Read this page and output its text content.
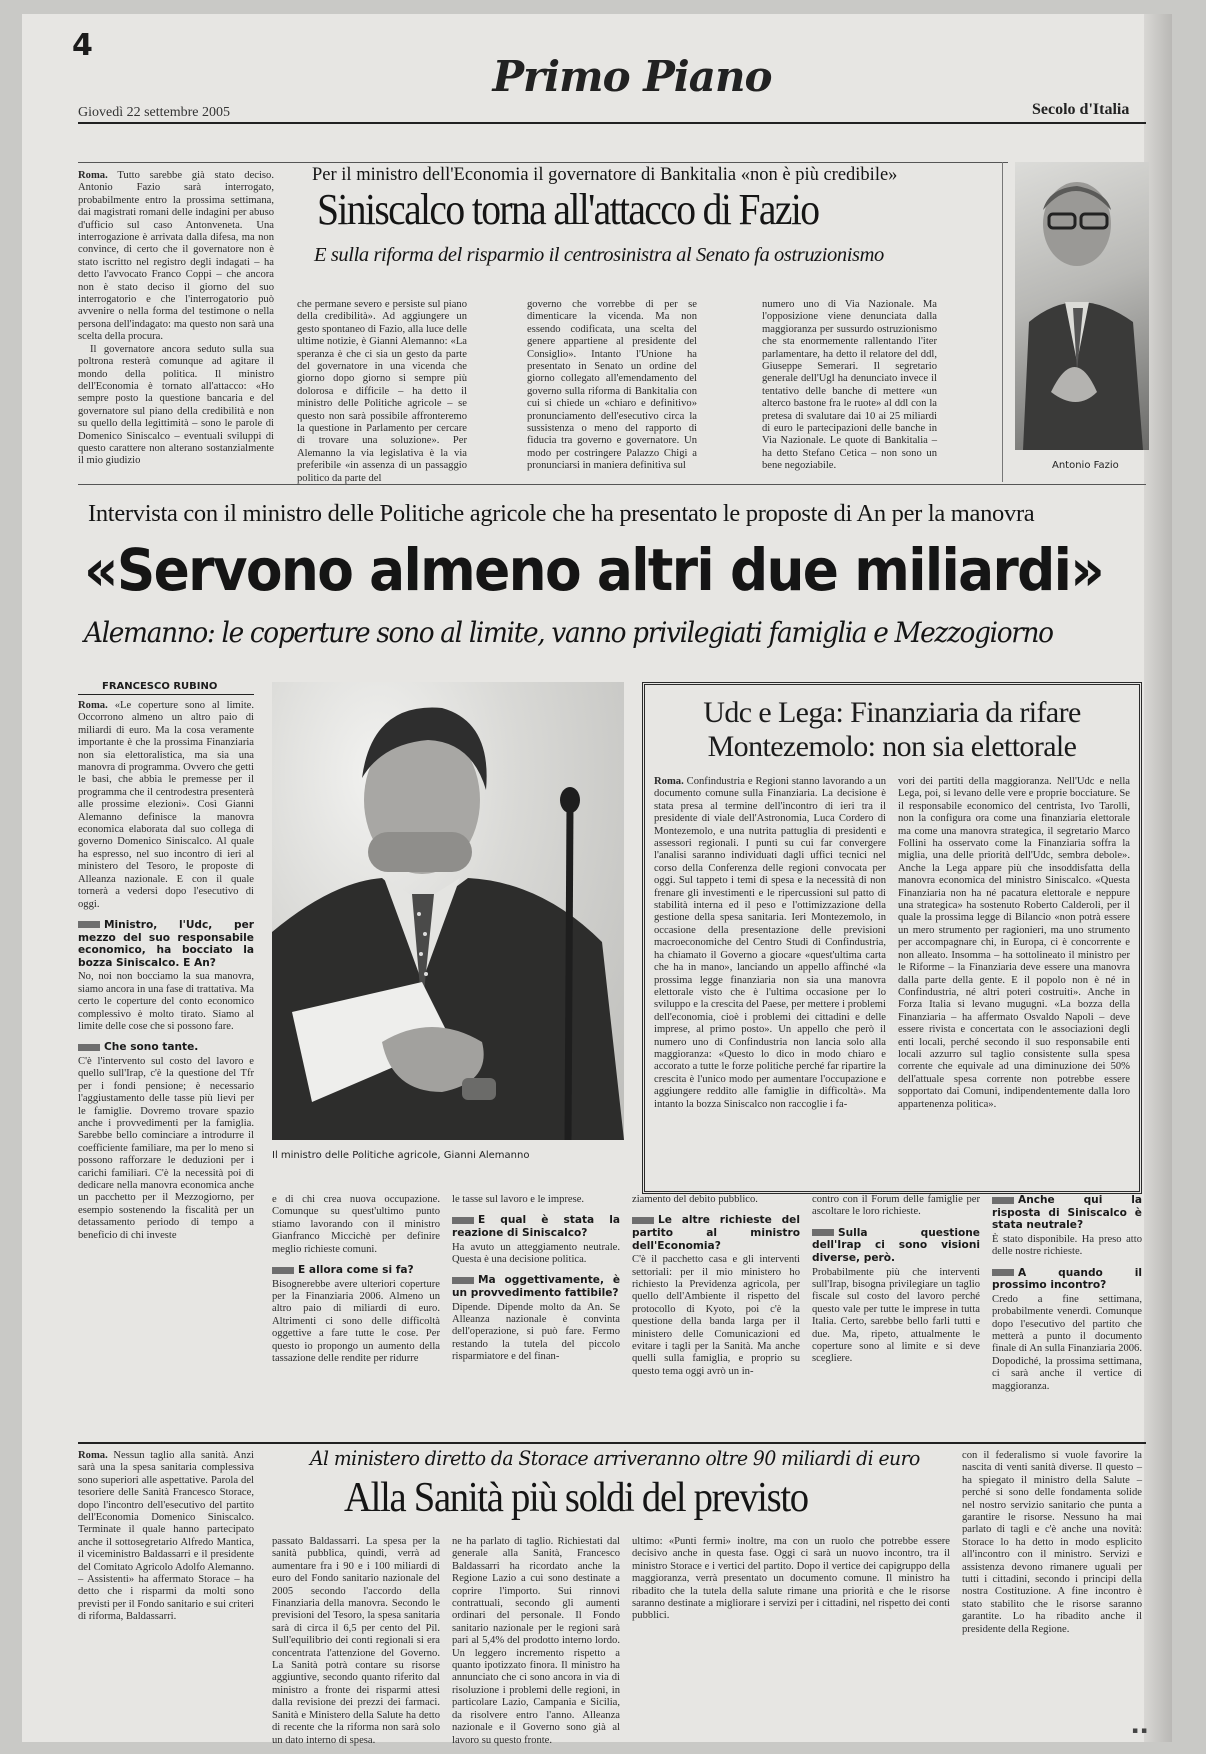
4
Primo Piano
Giovedì 22 settembre 2005	Secolo d'Italia

Roma. Tutto sarebbe già stato deciso. Antonio Fazio sarà interrogato, probabilmente entro la prossima settimana, dai magistrati romani delle indagini per abuso d'ufficio sul caso Antonveneta. Una interrogazione è arrivata dalla difesa, ma non convince, di certo che il governatore non è stato iscritto nel registro degli indagati – ha detto l'avvocato Franco Coppi – che ancora non è stato deciso il giorno del suo interrogatorio e che l'interrogatorio può avvenire o nella forma del testimone o nella persona dell'indagato: ma questo non sarà una scelta della procura.

Il governatore ancora seduto sulla sua poltrona resterà comunque ad agitare il mondo della politica. Il ministro dell'Economia è tornato all'attacco: «Ho sempre posto la questione bancaria e del governatore sul piano della credibilità e non su quello della legittimità – sono le parole di Domenico Siniscalco – eventuali sviluppi di questo carattere non alterano sostanzialmente il mio giudizio

Per il ministro dell'Economia il governatore di Bankitalia «non è più credibile»
Siniscalco torna all'attacco di Fazio
E sulla riforma del risparmio il centrosinistra al Senato fa ostruzionismo
che permane severo e persiste sul piano della credibilità». Ad aggiungere un gesto spontaneo di Fazio, alla luce delle ultime notizie, è Gianni Alemanno: «La speranza è che ci sia un gesto da parte del governatore in una vicenda che giorno dopo giorno si sempre più dolorosa e difficile – ha detto il ministro delle Politiche agricole – se questo non sarà possibile affronteremo la questione in Parlamento per cercare di trovare una soluzione». Per Alemanno la via legislativa è la via preferibile «in assenza di un passaggio politico da parte del
governo che vorrebbe di per se dimenticare la vicenda. Ma non essendo codificata, una scelta del genere appartiene al presidente del Consiglio». Intanto l'Unione ha presentato in Senato un ordine del giorno collegato all'emendamento del governo sulla riforma di Bankitalia con cui si chiede un «chiaro e definitivo» pronunciamento dell'esecutivo circa la sussistenza o meno del rapporto di fiducia tra governo e governatore. Un modo per costringere Palazzo Chigi a pronunciarsi in maniera definitiva sul
numero uno di Via Nazionale. Ma l'opposizione viene denunciata dalla maggioranza per sussurdo ostruzionismo che sta enormemente rallentando l'iter parlamentare, ha detto il relatore del ddl, Giuseppe Semerari. Il segretario generale dell'Ugl ha denunciato invece il tentativo delle banche di mettere «un alterco bastone fra le ruote» al ddl con la pretesa di svalutare dai 10 ai 25 miliardi di euro le partecipazioni delle banche in Via Nazionale. Le quote di Bankitalia – ha detto Stefano Cetica – non sono un bene negoziabile.	Antonio Fazio
Intervista con il ministro delle Politiche agricole che ha presentato le proposte di An per la manovra
«Servono almeno altri due miliardi»
Alemanno: le coperture sono al limite, vanno privilegiati famiglia e Mezzogiorno
FRANCESCO RUBINO

Roma. «Le coperture sono al limite. Occorrono almeno un altro paio di miliardi di euro. Ma la cosa veramente importante è che la prossima Finanziaria non sia elettoralistica, ma sia una manovra di programma. Ovvero che getti le basi, che abbia le premesse per il programma che il centrodestra presenterà alle prossime elezioni». Così Gianni Alemanno definisce la manovra economica elaborata dal suo collega di governo Domenico Siniscalco. Al quale ha espresso, nel suo incontro di ieri al ministero del Tesoro, le proposte di Alleanza nazionale. E con il quale tornerà a vedersi dopo l'esecutivo di oggi.

Ministro, l'Udc, per mezzo del suo responsabile economico, ha bocciato la bozza Siniscalco. E An?

No, noi non bocciamo la sua manovra, siamo ancora in una fase di trattativa. Ma certo le coperture del conto economico complessivo è molto tirato. Siamo al limite delle cose che si possono fare.

Che sono tante.

C'è l'intervento sul costo del lavoro e quello sull'Irap, c'è la questione del Tfr per i fondi pensione; è necessario l'aggiustamento delle tasse più lievi per le famiglie. Dovremo trovare spazio anche i provvedimenti per la famiglia. Sarebbe bello cominciare a introdurre il coefficiente familiare, ma per lo meno si possono rafforzare le deduzioni per i carichi familiari. C'è la necessità poi di dedicare nella manovra economica anche un pacchetto per il Mezzogiorno, per esempio sostenendo la fiscalità per un detassamento periodo di tempo a beneficio di chi investe

Il ministro delle Politiche agricole, Gianni Alemanno
Udc e Lega: Finanziaria da rifare
Montezemolo: non sia elettorale

Roma. Confindustria e Regioni stanno lavorando a un documento comune sulla Finanziaria. La decisione è stata presa al termine dell'incontro di ieri tra il presidente di viale dell'Astronomia, Luca Cordero di Montezemolo, e una nutrita pattuglia di presidenti e assessori regionali. I punti su cui far convergere l'analisi saranno individuati dagli uffici tecnici nel corso della Conferenza delle regioni convocata per oggi. Sul tappeto i temi di spesa e la necessità di non frenare gli investimenti e le ripercussioni sul patto di stabilità interna ed il peso e l'ottimizzazione della gestione della spesa sanitaria. Ieri Montezemolo, in occasione della presentazione delle previsioni macroeconomiche del Centro Studi di Confindustria, ha chiamato il Governo a giocare «quest'ultima carta che ha in mano», lanciando un appello affinché «la prossima legge finanziaria non sia una manovra elettorale visto che è l'ultima occasione per lo sviluppo e la crescita del Paese, per mettere i problemi dell'economia, cioè i problemi dei cittadini e delle imprese, al primo posto». Un appello che però il numero uno di Confindustria non lancia solo alla maggioranza: «Questo lo dico in modo chiaro e accorato a tutte le forze politiche perché far ripartire la crescita è l'unico modo per aumentare l'occupazione e aggiungere reddito alle famiglie in difficoltà». Ma intanto la bozza Siniscalco non raccoglie i fa-

vori dei partiti della maggioranza. Nell'Udc e nella Lega, poi, si levano delle vere e proprie bocciature. Se il responsabile economico del centrista, Ivo Tarolli, non la configura ora come una finanziaria elettorale ma come una manovra strategica, il segretario Marco Follini ha osservato come la Finanziaria soffra la miglia, una delle priorità dell'Udc, sembra debole». Anche la Lega appare più che insoddisfatta della manovra economica del ministro Siniscalco. «Questa Finanziaria non ha né pacatura elettorale e neppure una strategica» ha sostenuto Roberto Calderoli, per il quale la prossima legge di Bilancio «non potrà essere un mero strumento per ragionieri, ma uno strumento per accompagnare chi, in Europa, ci è concorrente e non alleato. Insomma – ha sottolineato il ministro per le Riforme – la Finanziaria deve essere una manovra dalla parte della gente. E il popolo non è né in Confindustria, né altri poteri costruiti». Anche in Forza Italia si levano mugugni. «La bozza della Finanziaria – ha affermato Osvaldo Napoli – deve essere rivista e concertata con le associazioni degli enti locali, perché secondo il suo responsabile enti locali azzurro sul taglio consistente sulla spesa corrente che equivale ad una diminuzione dei 50% dell'attuale spesa corrente non potrebbe essere sopportato dai Comuni, indipendentemente dalla loro appartenenza politica».

e di chi crea nuova occupazione. Comunque su quest'ultimo punto stiamo lavorando con il ministro Gianfranco Miccichè per definire meglio richieste comuni.

E allora come si fa?

Bisognerebbe avere ulteriori coperture per la Finanziaria 2006. Almeno un altro paio di miliardi di euro. Altrimenti ci sono delle difficoltà oggettive a fare tutte le cose. Per questo io propongo un aumento della tassazione delle rendite per ridurre

le tasse sul lavoro e le imprese.

E qual è stata la reazione di Siniscalco?

Ha avuto un atteggiamento neutrale. Questa è una decisione politica.

Ma oggettivamente, è un provvedimento fattibile?

Dipende. Dipende molto da An. Se Alleanza nazionale è convinta dell'operazione, si può fare. Fermo restando la tutela del piccolo risparmiatore e del finan-

ziamento del debito pubblico.

Le altre richieste del partito al ministro dell'Economia?

C'è il pacchetto casa e gli interventi settoriali: per il mio ministero ho richiesto la Previdenza agricola, per quello dell'Ambiente il rispetto del protocollo di Kyoto, poi c'è la questione della banda larga per il ministero delle Comunicazioni ed evitare i tagli per la Sanità. Ma anche quelli sulla famiglia, e proprio su questo tema oggi avrò un in-

contro con il Forum delle famiglie per ascoltare le loro richieste.

Sulla questione dell'Irap ci sono visioni diverse, però.

Probabilmente più che interventi sull'Irap, bisogna privilegiare un taglio fiscale sul costo del lavoro perché questo vale per tutte le imprese in tutta Italia. Certo, sarebbe bello farli tutti e due. Ma, ripeto, attualmente le coperture sono al limite e si deve scegliere.

Anche qui la risposta di Siniscalco è stata neutrale?

È stato disponibile. Ha preso atto delle nostre richieste.

A quando il prossimo incontro?

Credo a fine settimana, probabilmente venerdì. Comunque dopo l'esecutivo del partito che metterà a punto il documento finale di An sulla Finanziaria 2006. Dopodiché, la prossima settimana, ci sarà anche il vertice di maggioranza.

Roma. Nessun taglio alla sanità. Anzi sarà una la spesa sanitaria complessiva sono superiori alle aspettative. Parola del tesoriere delle Sanità Francesco Storace, dopo l'incontro dell'esecutivo del partito dell'Economia Domenico Siniscalco. Terminate il quale hanno partecipato anche il sottosegretario Alfredo Mantica, il viceministro Baldassarri e il presidente del Comitato Agricolo Adolfo Alemanno. – Assistenti» ha affermato Storace – ha detto che i risparmi da molti sono previsti per il Fondo sanitario e sui criteri di riforma, Baldassarri.

Al ministero diretto da Storace arriveranno oltre 90 miliardi di euro
Alla Sanità più soldi del previsto
passato Baldassarri. La spesa per la sanità pubblica, quindi, verrà ad aumentare fra i 90 e i 100 miliardi di euro del Fondo sanitario nazionale del 2005 secondo l'accordo della Finanziaria della manovra. Secondo le previsioni del Tesoro, la spesa sanitaria sarà di circa il 6,5 per cento del Pil. Sull'equilibrio dei conti regionali si era concentrata l'attenzione del Governo. La Sanità potrà contare su risorse aggiuntive, secondo quanto riferito dal ministro a fronte dei risparmi attesi dalla revisione dei prezzi dei farmaci. Sanità e Ministero della Salute ha detto di recente che la riforma non sarà solo un dato interno di spesa.
ne ha parlato di taglio. Richiestati dal generale alla Sanità, Francesco Baldassarri ha ricordato anche la Regione Lazio a cui sono destinate a coprire l'importo. Sui rinnovi contrattuali, secondo gli aumenti ordinari del personale. Il Fondo sanitario nazionale per le regioni sarà pari al 5,4% del prodotto interno lordo. Un leggero incremento rispetto a quanto ipotizzato finora. Il ministro ha annunciato che ci sono ancora in via di risoluzione i problemi delle regioni, in particolare Lazio, Campania e Sicilia, da risolvere entro l'anno. Alleanza nazionale e il Governo sono già al lavoro su questo fronte.
ultimo: «Punti fermi» inoltre, ma con un ruolo che potrebbe essere decisivo anche in questa fase. Oggi ci sarà un nuovo incontro, tra il ministro Storace e i vertici del partito. Dopo il vertice dei capigruppo della maggioranza, verrà presentato un documento comune. Il ministro ha ribadito che la tutela della salute rimane una priorità e che le risorse saranno destinate a migliorare i servizi per i cittadini, nel rispetto dei conti pubblici.
con il federalismo si vuole favorire la nascita di venti sanità diverse. Il questo – ha spiegato il ministro della Salute – perché si sono delle fondamenta solide nel nostro servizio sanitario che punta a garantire le risorse. Nessuno ha mai parlato di tagli e c'è anche una novità: Storace lo ha detto in modo esplicito all'incontro con il ministro. Servizi e assistenza devono rimanere uguali per tutti i cittadini, secondo i principi della nostra Costituzione. A fine incontro è stato stabilito che le risorse saranno garantite. Lo ha ribadito anche il presidente della Regione.
▪ ▪
